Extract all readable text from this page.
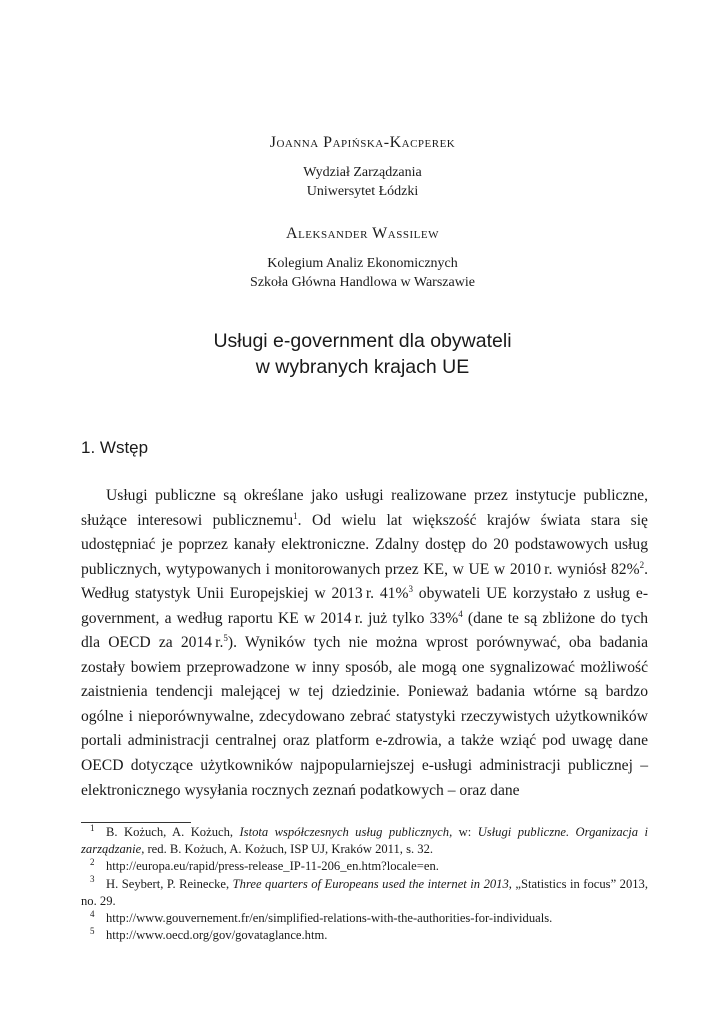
Joanna Papińska-Kacperek
Wydział Zarządzania
Uniwersytet Łódzki
Aleksander Wassilew
Kolegium Analiz Ekonomicznych
Szkoła Główna Handlowa w Warszawie
Usługi e-government dla obywateli
w wybranych krajach UE
1. Wstęp

Usługi publiczne są określane jako usługi realizowane przez instytucje publiczne, służące interesowi publicznemu$^1$. Od wielu lat większość krajów świata stara się udostępniać je poprzez kanały elektroniczne. Zdalny dostęp do 20 podstawowych usług publicznych, wytypowanych i monitorowanych przez KE, w UE w 2010 r. wyniósł 82%$^2$. Według statystyk Unii Europejskiej w 2013 r. 41%$^3$ obywateli UE korzystało z usług e-government, a według raportu KE w 2014 r. już tylko 33%$^4$ (dane te są zbliżone do tych dla OECD za 2014 r.$^5$). Wyników tych nie można wprost porównywać, oba badania zostały bowiem przeprowadzone w inny sposób, ale mogą one sygnalizować możliwość zaistnienia tendencji malejącej w tej dziedzinie. Ponieważ badania wtórne są bardzo ogólne i nieporównywalne, zdecydowano zebrać statystyki rzeczywistych użytkowników portali administracji centralnej oraz platform e-zdrowia, a także wziąć pod uwagę dane OECD dotyczące użytkowników najpopularniejszej e-usługi administracji publicznej – elektronicznego wysyłania rocznych zeznań podatkowych – oraz dane

$^1$ B. Kożuch, A. Kożuch, Istota współczesnych usług publicznych, w: Usługi publiczne. Organizacja i zarządzanie, red. B. Kożuch, A. Kożuch, ISP UJ, Kraków 2011, s. 32.

$^2$ http://europa.eu/rapid/press-release_IP-11-206_en.htm?locale=en.

$^3$ H. Seybert, P. Reinecke, Three quarters of Europeans used the internet in 2013, „Statistics in focus” 2013, no. 29.

$^4$ http://www.gouvernement.fr/en/simplified-relations-with-the-authorities-for-individuals.

$^5$ http://www.oecd.org/gov/govataglance.htm.
